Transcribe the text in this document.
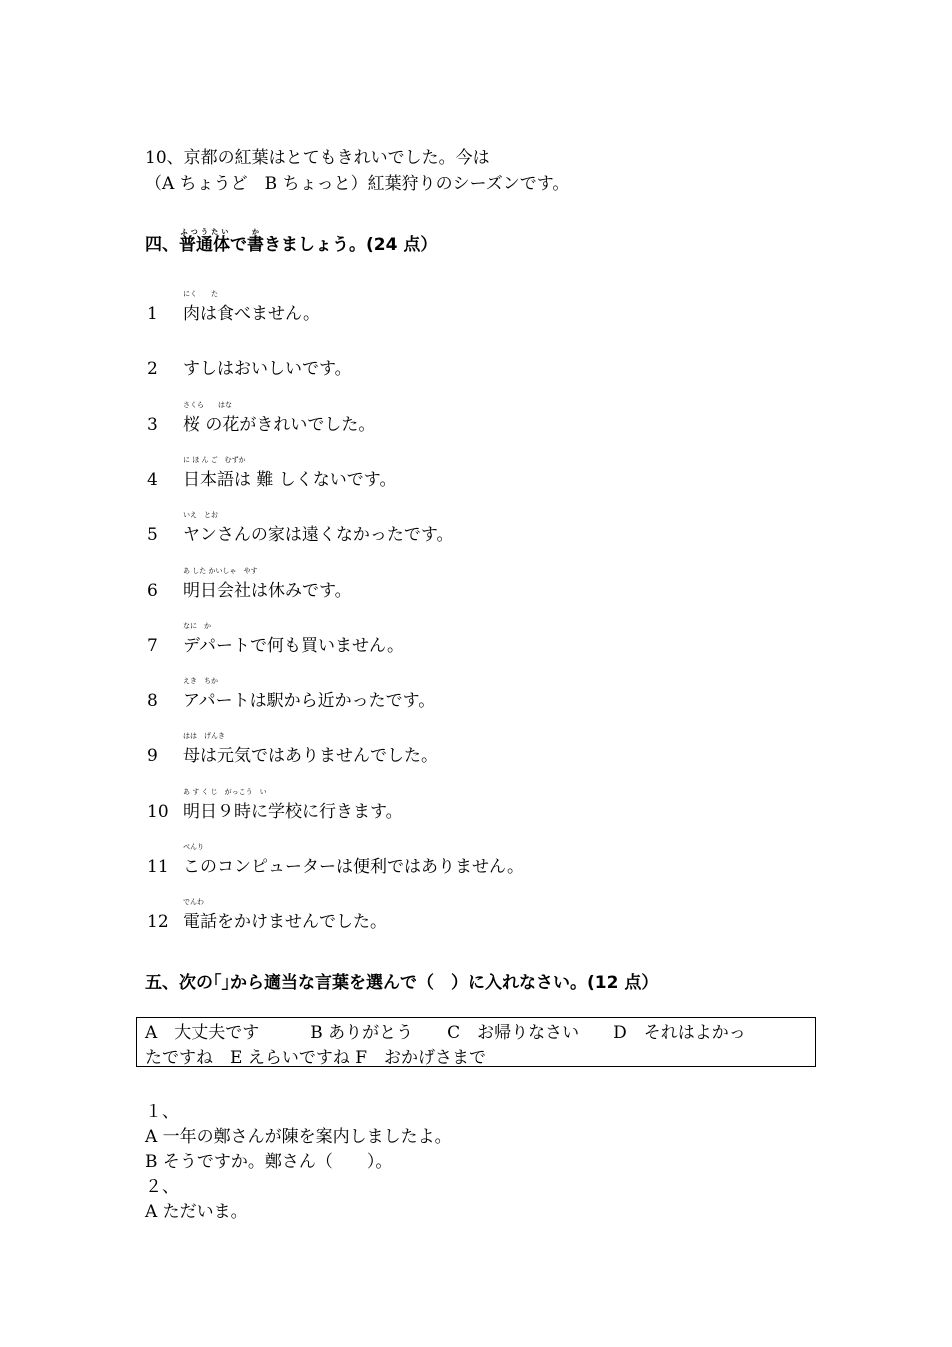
10、京都の紅葉はとてもきれいでした。今は
（A ちょうど　B ちょっと）紅葉狩りのシーズンです。
四、普通体ふつうたいで書かきましょう。(24 点）
にく　　た
1 肉は食べません。
2 すしはおいしいです。
さくら　　はな
3 桜 の花がきれいでした。
に ほ ん ご　むずか
4 日本語は 難 しくないです。
いえ　とお
5 ヤンさんの家は遠くなかったです。
あ した かいしゃ　やす
6 明日会社は休みです。
なに　か
7 デパートで何も買いません。
えき　ちか
8 アパートは駅から近かったです。
はは　げんき
9 母は元気ではありませんでした。
あ す く じ　がっこう　い
10 明日９時に学校に行きます。
べんり
11 このコンピューターは便利ではありません。
でんわ
12 電話をかけませんでした。
五、次の｢｣から適当な言葉を選んで（　）に入れなさい。(12 点）
A　大丈夫です　　　B ありがとう　　C　お帰りなさい　　D　それはよかっ
たですね　E えらいですね F　おかげさまで
１、
A 一年の鄭さんが陳を案内しましたよ。
B そうですか。鄭さん（　　）。
２、
A ただいま。
